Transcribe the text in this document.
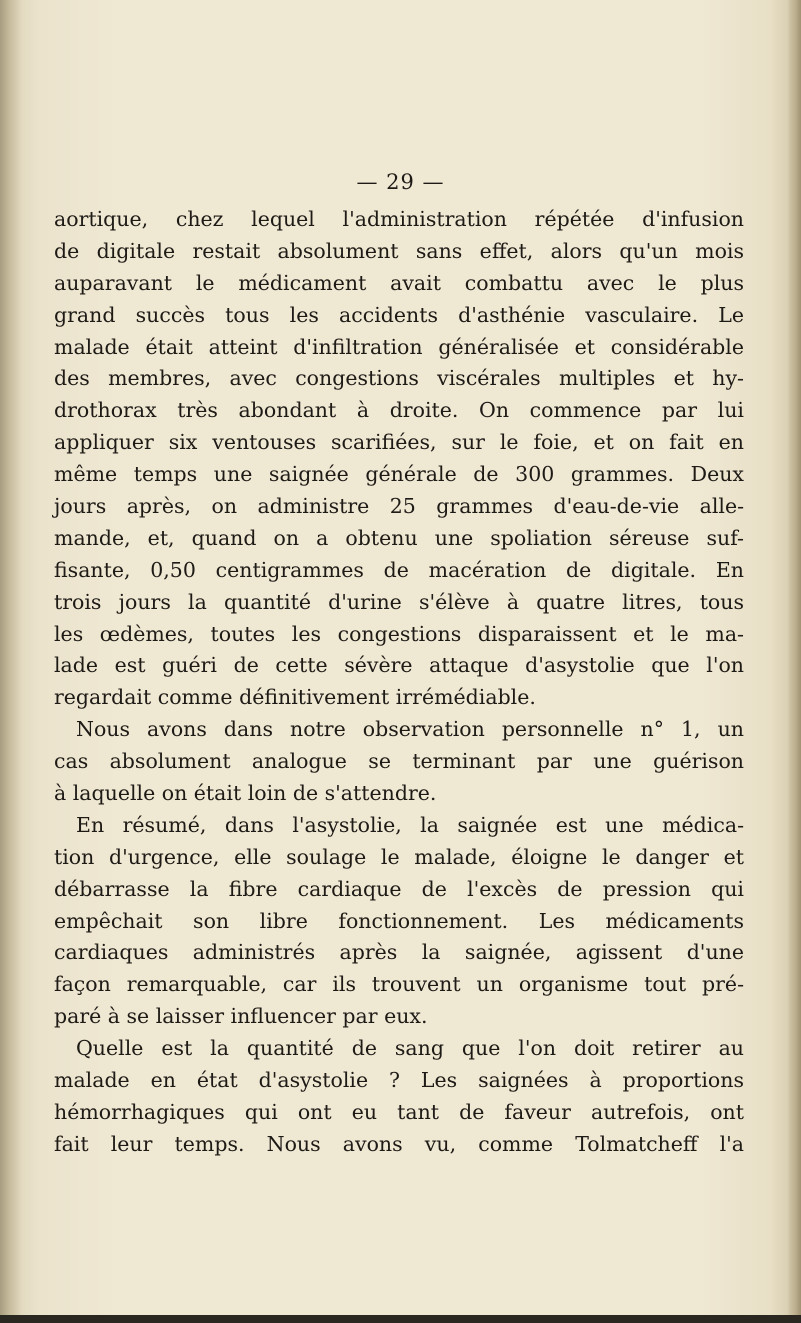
— 29 —
aortique, chez lequel l'administration répétée d'infusion
de digitale restait absolument sans effet, alors qu'un mois
auparavant le médicament avait combattu avec le plus
grand succès tous les accidents d'asthénie vasculaire. Le
malade était atteint d'infiltration généralisée et considérable
des membres, avec congestions viscérales multiples et hy-
drothorax très abondant à droite. On commence par lui
appliquer six ventouses scarifiées, sur le foie, et on fait en
même temps une saignée générale de 300 grammes. Deux
jours après, on administre 25 grammes d'eau-de-vie alle-
mande, et, quand on a obtenu une spoliation séreuse suf-
fisante, 0,50 centigrammes de macération de digitale. En
trois jours la quantité d'urine s'élève à quatre litres, tous
les œdèmes, toutes les congestions disparaissent et le ma-
lade est guéri de cette sévère attaque d'asystolie que l'on
regardait comme définitivement irrémédiable.
Nous avons dans notre observation personnelle n° 1, un
cas absolument analogue se terminant par une guérison
à laquelle on était loin de s'attendre.
En résumé, dans l'asystolie, la saignée est une médica-
tion d'urgence, elle soulage le malade, éloigne le danger et
débarrasse la fibre cardiaque de l'excès de pression qui
empêchait son libre fonctionnement. Les médicaments
cardiaques administrés après la saignée, agissent d'une
façon remarquable, car ils trouvent un organisme tout pré-
paré à se laisser influencer par eux.
Quelle est la quantité de sang que l'on doit retirer au
malade en état d'asystolie ? Les saignées à proportions
hémorrhagiques qui ont eu tant de faveur autrefois, ont
fait leur temps. Nous avons vu, comme Tolmatcheff l'a
